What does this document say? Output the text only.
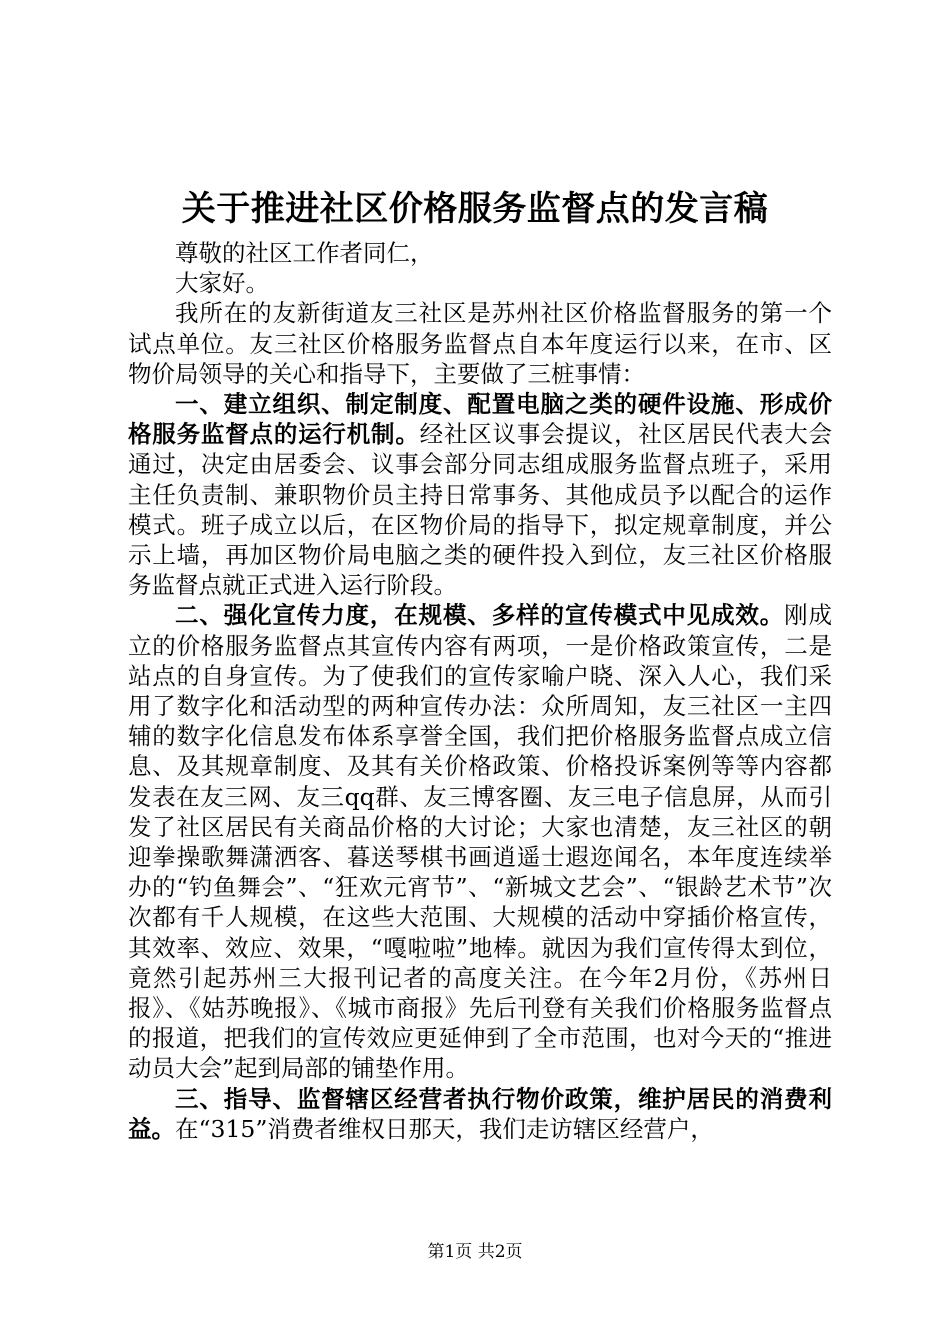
关于推进社区价格服务监督点的发言稿

尊敬的社区工作者同仁，

大家好。

我所在的友新街道友三社区是苏州社区价格监督服务的第一个试点单位。友三社区价格服务监督点自本年度运行以来，在市、区物价局领导的关心和指导下，主要做了三桩事情：

一、建立组织、制定制度、配置电脑之类的硬件设施、形成价格服务监督点的运行机制。经社区议事会提议，社区居民代表大会通过，决定由居委会、议事会部分同志组成服务监督点班子，采用主任负责制、兼职物价员主持日常事务、其他成员予以配合的运作模式。班子成立以后，在区物价局的指导下，拟定规章制度，并公示上墙，再加区物价局电脑之类的硬件投入到位，友三社区价格服务监督点就正式进入运行阶段。

二、强化宣传力度，在规模、多样的宣传模式中见成效。刚成立的价格服务监督点其宣传内容有两项，一是价格政策宣传，二是站点的自身宣传。为了使我们的宣传家喻户晓、深入人心，我们采用了数字化和活动型的两种宣传办法：众所周知，友三社区一主四辅的数字化信息发布体系享誉全国，我们把价格服务监督点成立信息、及其规章制度、及其有关价格政策、价格投诉案例等等内容都发表在友三网、友三qq群、友三博客圈、友三电子信息屏，从而引发了社区居民有关商品价格的大讨论；大家也清楚，友三社区的朝迎拳操歌舞潇洒客、暮送琴棋书画逍遥士遐迩闻名，本年度连续举办的“钓鱼舞会”、“狂欢元宵节”、“新城文艺会”、“银龄艺术节”次次都有千人规模，在这些大范围、大规模的活动中穿插价格宣传，其效率、效应、效果，“嘎啦啦”地棒。就因为我们宣传得太到位，竟然引起苏州三大报刊记者的高度关注。在今年2月份，《苏州日报》、《姑苏晚报》、《城市商报》先后刊登有关我们价格服务监督点的报道，把我们的宣传效应更延伸到了全市范围，也对今天的“推进动员大会”起到局部的铺垫作用。

三、指导、监督辖区经营者执行物价政策，维护居民的消费利益。在“315”消费者维权日那天，我们走访辖区经营户，

第1页 共2页
